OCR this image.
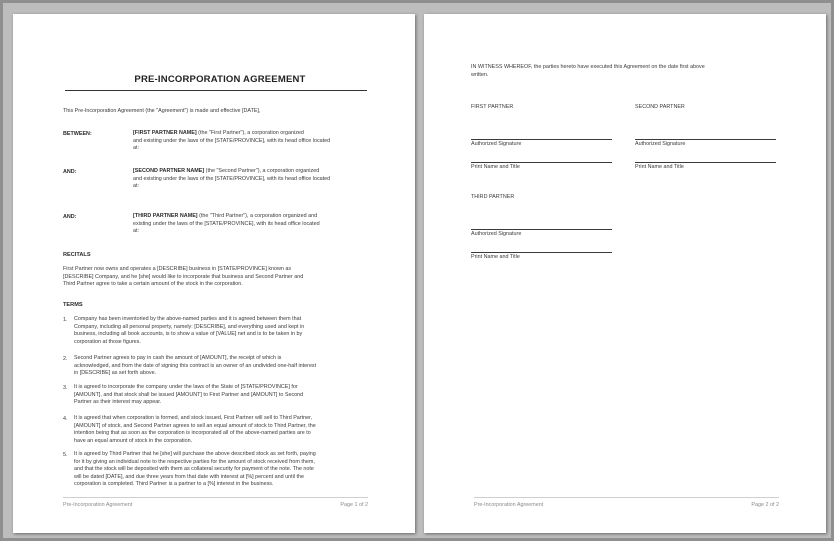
PRE-INCORPORATION AGREEMENT

This Pre-Incorporation Agreement (the "Agreement") is made and effective [DATE],

BETWEEN:	[FIRST PARTNER NAME] (the "First Partner"), a corporation organized
and existing under the laws of the [STATE/PROVINCE], with its head office located
at:
AND:	[SECOND PARTNER NAME] (the "Second Partner"), a corporation organized
and existing under the laws of the [STATE/PROVINCE], with its head office located
at:
AND:	[THIRD PARTNER NAME] (the "Third Partner"), a corporation organized and
existing under the laws of the [STATE/PROVINCE], with its head office located
at:
RECITALS
First Partner now owns and operates a [DESCRIBE] business in [STATE/PROVINCE] known as
[DESCRIBE] Company, and he [she] would like to incorporate that business and Second Partner and
Third Partner agree to take a certain amount of the stock in the corporation.
TERMS
1. Company has been inventoried by the above-named parties and it is agreed between them that
Company, including all personal property, namely: [DESCRIBE], and everything used and kept in
business, including all book accounts, is to show a value of [VALUE] net and is to be taken in by
corporation at those figures.
2. Second Partner agrees to pay in cash the amount of [AMOUNT], the receipt of which is
acknowledged, and from the date of signing this contract is an owner of an undivided one-half interest
in [DESCRIBE] as set forth above.
3. It is agreed to incorporate the company under the laws of the State of [STATE/PROVINCE] for
[AMOUNT], and that stock shall be issued [AMOUNT] to First Partner and [AMOUNT] to Second
Partner as their interest may appear.
4. It is agreed that when corporation is formed, and stock issued, First Partner will sell to Third Partner,
[AMOUNT] of stock, and Second Partner agrees to sell an equal amount of stock to Third Partner, the
intention being that as soon as the corporation is incorporated all of the above-named parties are to
have an equal amount of stock in the corporation.
5. It is agreed by Third Partner that he [she] will purchase the above described stock as set forth, paying
for it by giving an individual note to the respective parties for the amount of stock received from them,
and that the stock will be deposited with them as collateral security for payment of the note. The note
will be dated [DATE], and due three years from that date with interest at [%] percent and until the
corporation is completed. Third Partner is a partner to a [%] interest in the business.
Pre-Incorporation Agreement	Page 1 of 2
IN WITNESS WHEREOF, the parties hereto have executed this Agreement on the date first above
written.
FIRST PARTNER
Authorized Signature
Print Name and Title
SECOND PARTNER
Authorized Signature
Print Name and Title
THIRD PARTNER
Authorized Signature
Print Name and Title
Pre-Incorporation Agreement	Page 2 of 2
